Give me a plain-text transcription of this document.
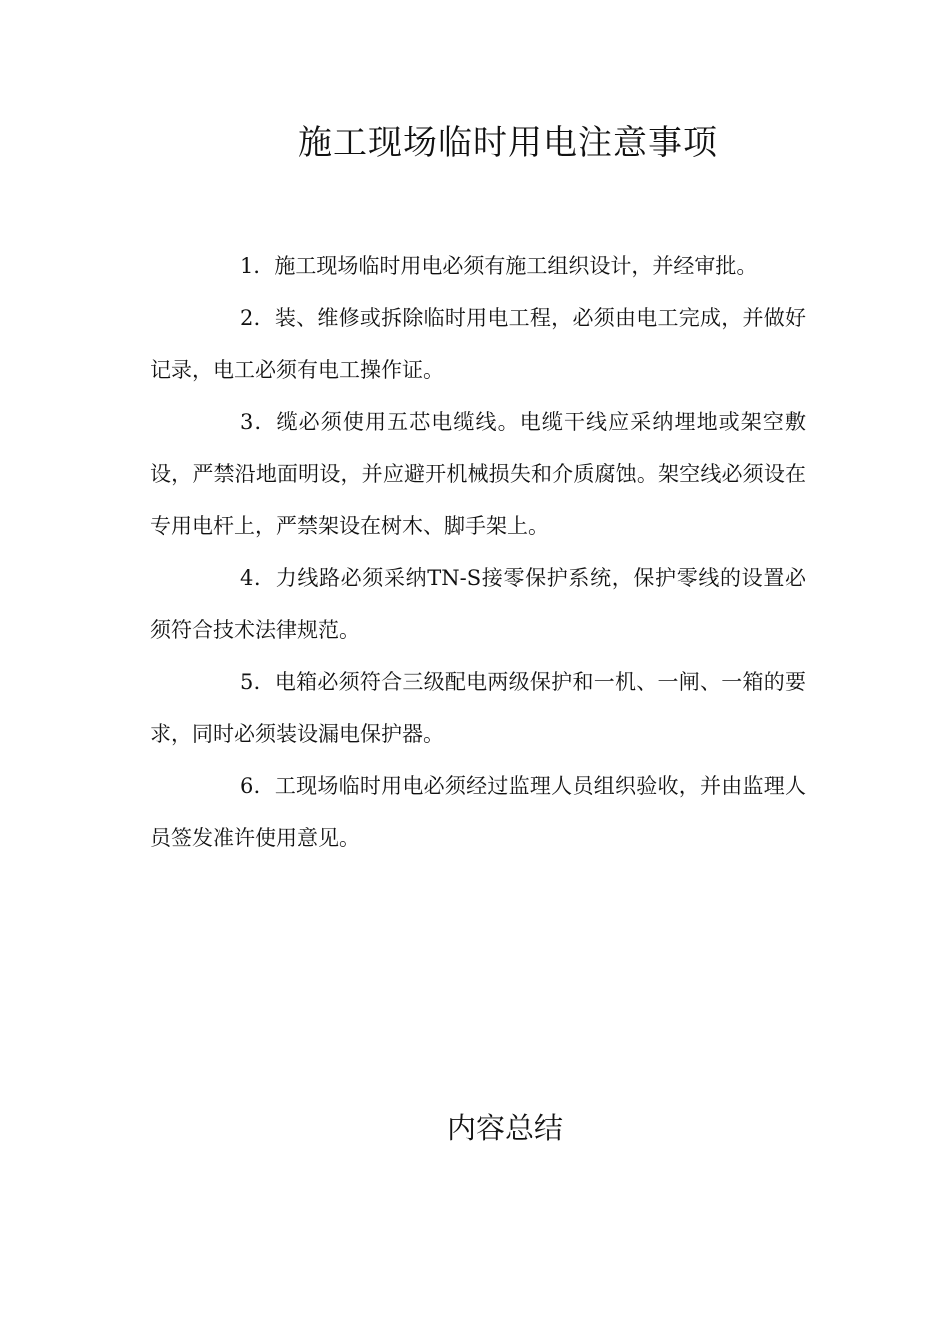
施工现场临时用电注意事项

1．施工现场临时用电必须有施工组织设计，并经审批。

2．装、维修或拆除临时用电工程，必须由电工完成，并做好记录，电工必须有电工操作证。

3．缆必须使用五芯电缆线。电缆干线应采纳埋地或架空敷设，严禁沿地面明设，并应避开机械损失和介质腐蚀。架空线必须设在专用电杆上，严禁架设在树木、脚手架上。

4．力线路必须采纳TN-S接零保护系统，保护零线的设置必须符合技术法律规范。

5．电箱必须符合三级配电两级保护和一机、一闸、一箱的要求，同时必须装设漏电保护器。

6．工现场临时用电必须经过监理人员组织验收，并由监理人员签发准许使用意见。

内容总结
